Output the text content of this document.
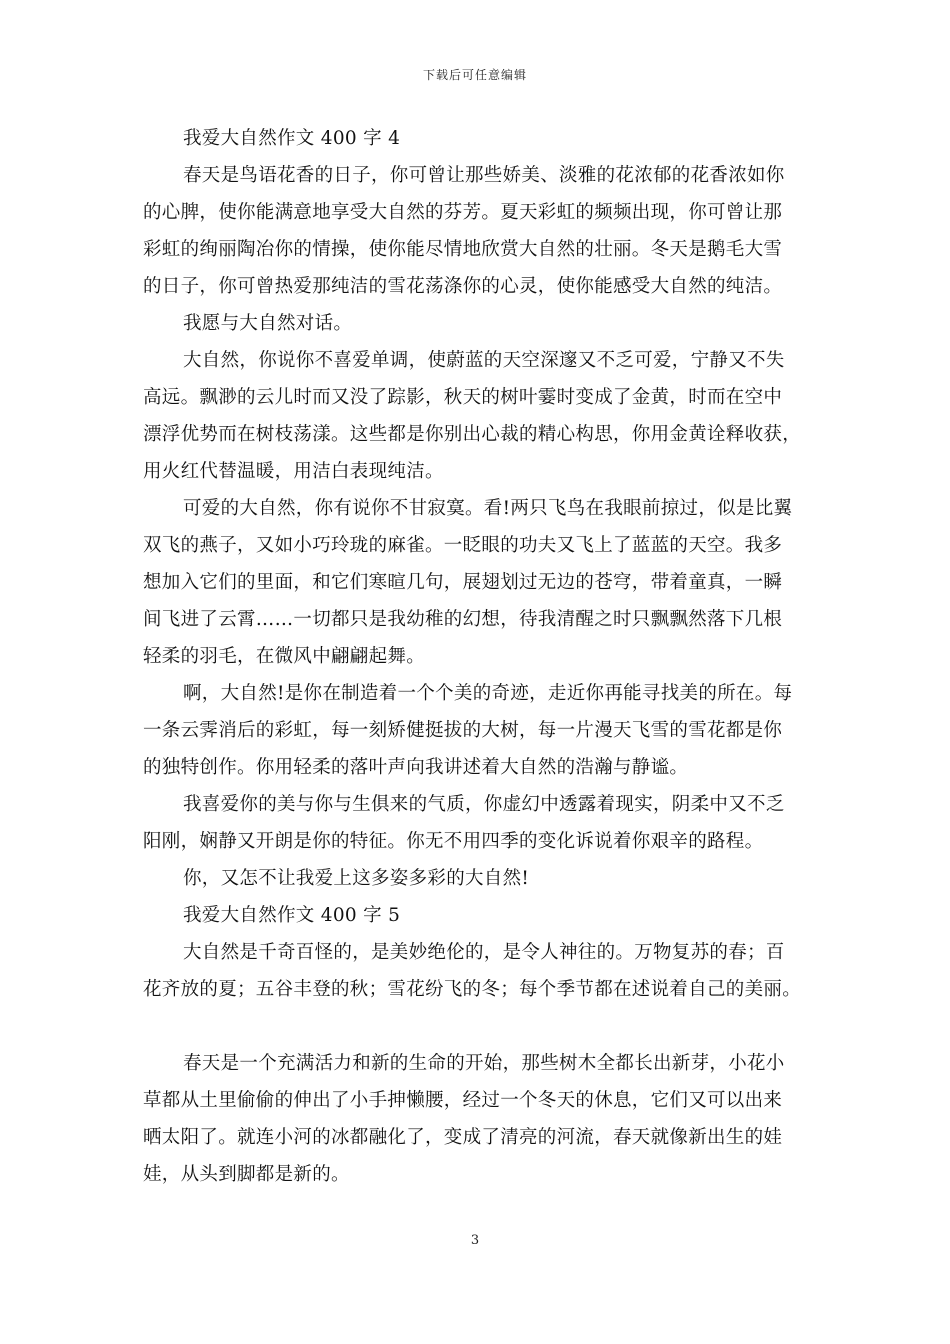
下载后可任意编辑
我爱大自然作文 400 字 4
春天是鸟语花香的日子，你可曾让那些娇美、淡雅的花浓郁的花香浓如你
的心脾，使你能满意地享受大自然的芬芳。夏天彩虹的频频出现，你可曾让那
彩虹的绚丽陶冶你的情操，使你能尽情地欣赏大自然的壮丽。冬天是鹅毛大雪
的日子，你可曾热爱那纯洁的雪花荡涤你的心灵，使你能感受大自然的纯洁。
我愿与大自然对话。
大自然，你说你不喜爱单调，使蔚蓝的天空深邃又不乏可爱，宁静又不失
高远。飘渺的云儿时而又没了踪影，秋天的树叶霎时变成了金黄，时而在空中
漂浮优势而在树枝荡漾。这些都是你别出心裁的精心构思，你用金黄诠释收获，
用火红代替温暖，用洁白表现纯洁。
可爱的大自然，你有说你不甘寂寞。看!两只飞鸟在我眼前掠过，似是比翼
双飞的燕子，又如小巧玲珑的麻雀。一眨眼的功夫又飞上了蓝蓝的天空。我多
想加入它们的里面，和它们寒暄几句，展翅划过无边的苍穹，带着童真，一瞬
间飞进了云霄……一切都只是我幼稚的幻想，待我清醒之时只飘飘然落下几根
轻柔的羽毛，在微风中翩翩起舞。
啊，大自然!是你在制造着一个个美的奇迹，走近你再能寻找美的所在。每
一条云霁消后的彩虹，每一刻矫健挺拔的大树，每一片漫天飞雪的雪花都是你
的独特创作。你用轻柔的落叶声向我讲述着大自然的浩瀚与静谧。
我喜爱你的美与你与生俱来的气质，你虚幻中透露着现实，阴柔中又不乏
阳刚，娴静又开朗是你的特征。你无不用四季的变化诉说着你艰辛的路程。
你，又怎不让我爱上这多姿多彩的大自然!
我爱大自然作文 400 字 5
大自然是千奇百怪的，是美妙绝伦的，是令人神往的。万物复苏的春；百
花齐放的夏；五谷丰登的秋；雪花纷飞的冬；每个季节都在述说着自己的美丽。
春天是一个充满活力和新的生命的开始，那些树木全都长出新芽，小花小
草都从土里偷偷的伸出了小手抻懒腰，经过一个冬天的休息，它们又可以出来
晒太阳了。就连小河的冰都融化了，变成了清亮的河流，春天就像新出生的娃
娃，从头到脚都是新的。
3
